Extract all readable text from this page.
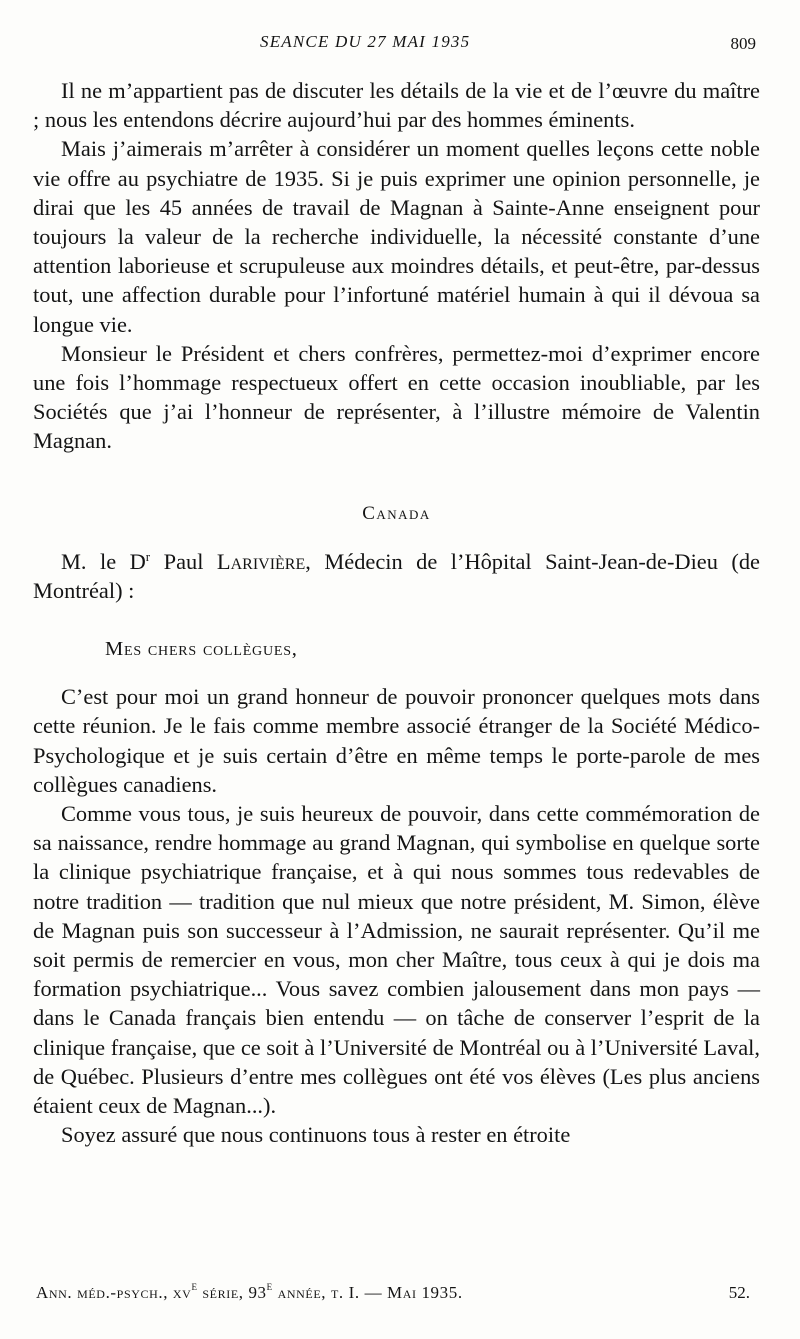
SEANCE DU 27 MAI 1935	809

Il ne m’appartient pas de discuter les détails de la vie et de l’œuvre du maître ; nous les entendons décrire aujourd’hui par des hommes éminents.

Mais j’aimerais m’arrêter à considérer un moment quelles leçons cette noble vie offre au psychiatre de 1935. Si je puis exprimer une opinion personnelle, je dirai que les 45 années de travail de Magnan à Sainte-Anne enseignent pour toujours la valeur de la recherche individuelle, la nécessité constante d’une attention laborieuse et scrupuleuse aux moindres détails, et peut-être, par-dessus tout, une affection durable pour l’infortuné matériel humain à qui il dévoua sa longue vie.

Monsieur le Président et chers confrères, permettez-moi d’exprimer encore une fois l’hommage respectueux offert en cette occasion inoubliable, par les Sociétés que j’ai l’honneur de représenter, à l’illustre mémoire de Valentin Magnan.

Canada

M. le $D^r$ Paul Larivière, Médecin de l’Hôpital Saint-Jean-de-Dieu (de Montréal) :

Mes chers collègues,

C’est pour moi un grand honneur de pouvoir prononcer quelques mots dans cette réunion. Je le fais comme membre associé étranger de la Société Médico-Psychologique et je suis certain d’être en même temps le porte-parole de mes collègues canadiens.

Comme vous tous, je suis heureux de pouvoir, dans cette commémoration de sa naissance, rendre hommage au grand Magnan, qui symbolise en quelque sorte la clinique psychiatrique française, et à qui nous sommes tous redevables de notre tradition — tradition que nul mieux que notre président, M. Simon, élève de Magnan puis son successeur à l’Admission, ne saurait représenter. Qu’il me soit permis de remercier en vous, mon cher Maître, tous ceux à qui je dois ma formation psychiatrique... Vous savez combien jalousement dans mon pays — dans le Canada français bien entendu — on tâche de conserver l’esprit de la clinique française, que ce soit à l’Université de Montréal ou à l’Université Laval, de Québec. Plusieurs d’entre mes collègues ont été vos élèves (Les plus anciens étaient ceux de Magnan...).

Soyez assuré que nous continuons tous à rester en étroite

Ann. méd.-psych., $xv^e$ série, 93e année, t. I. — Mai 1935.	52.
